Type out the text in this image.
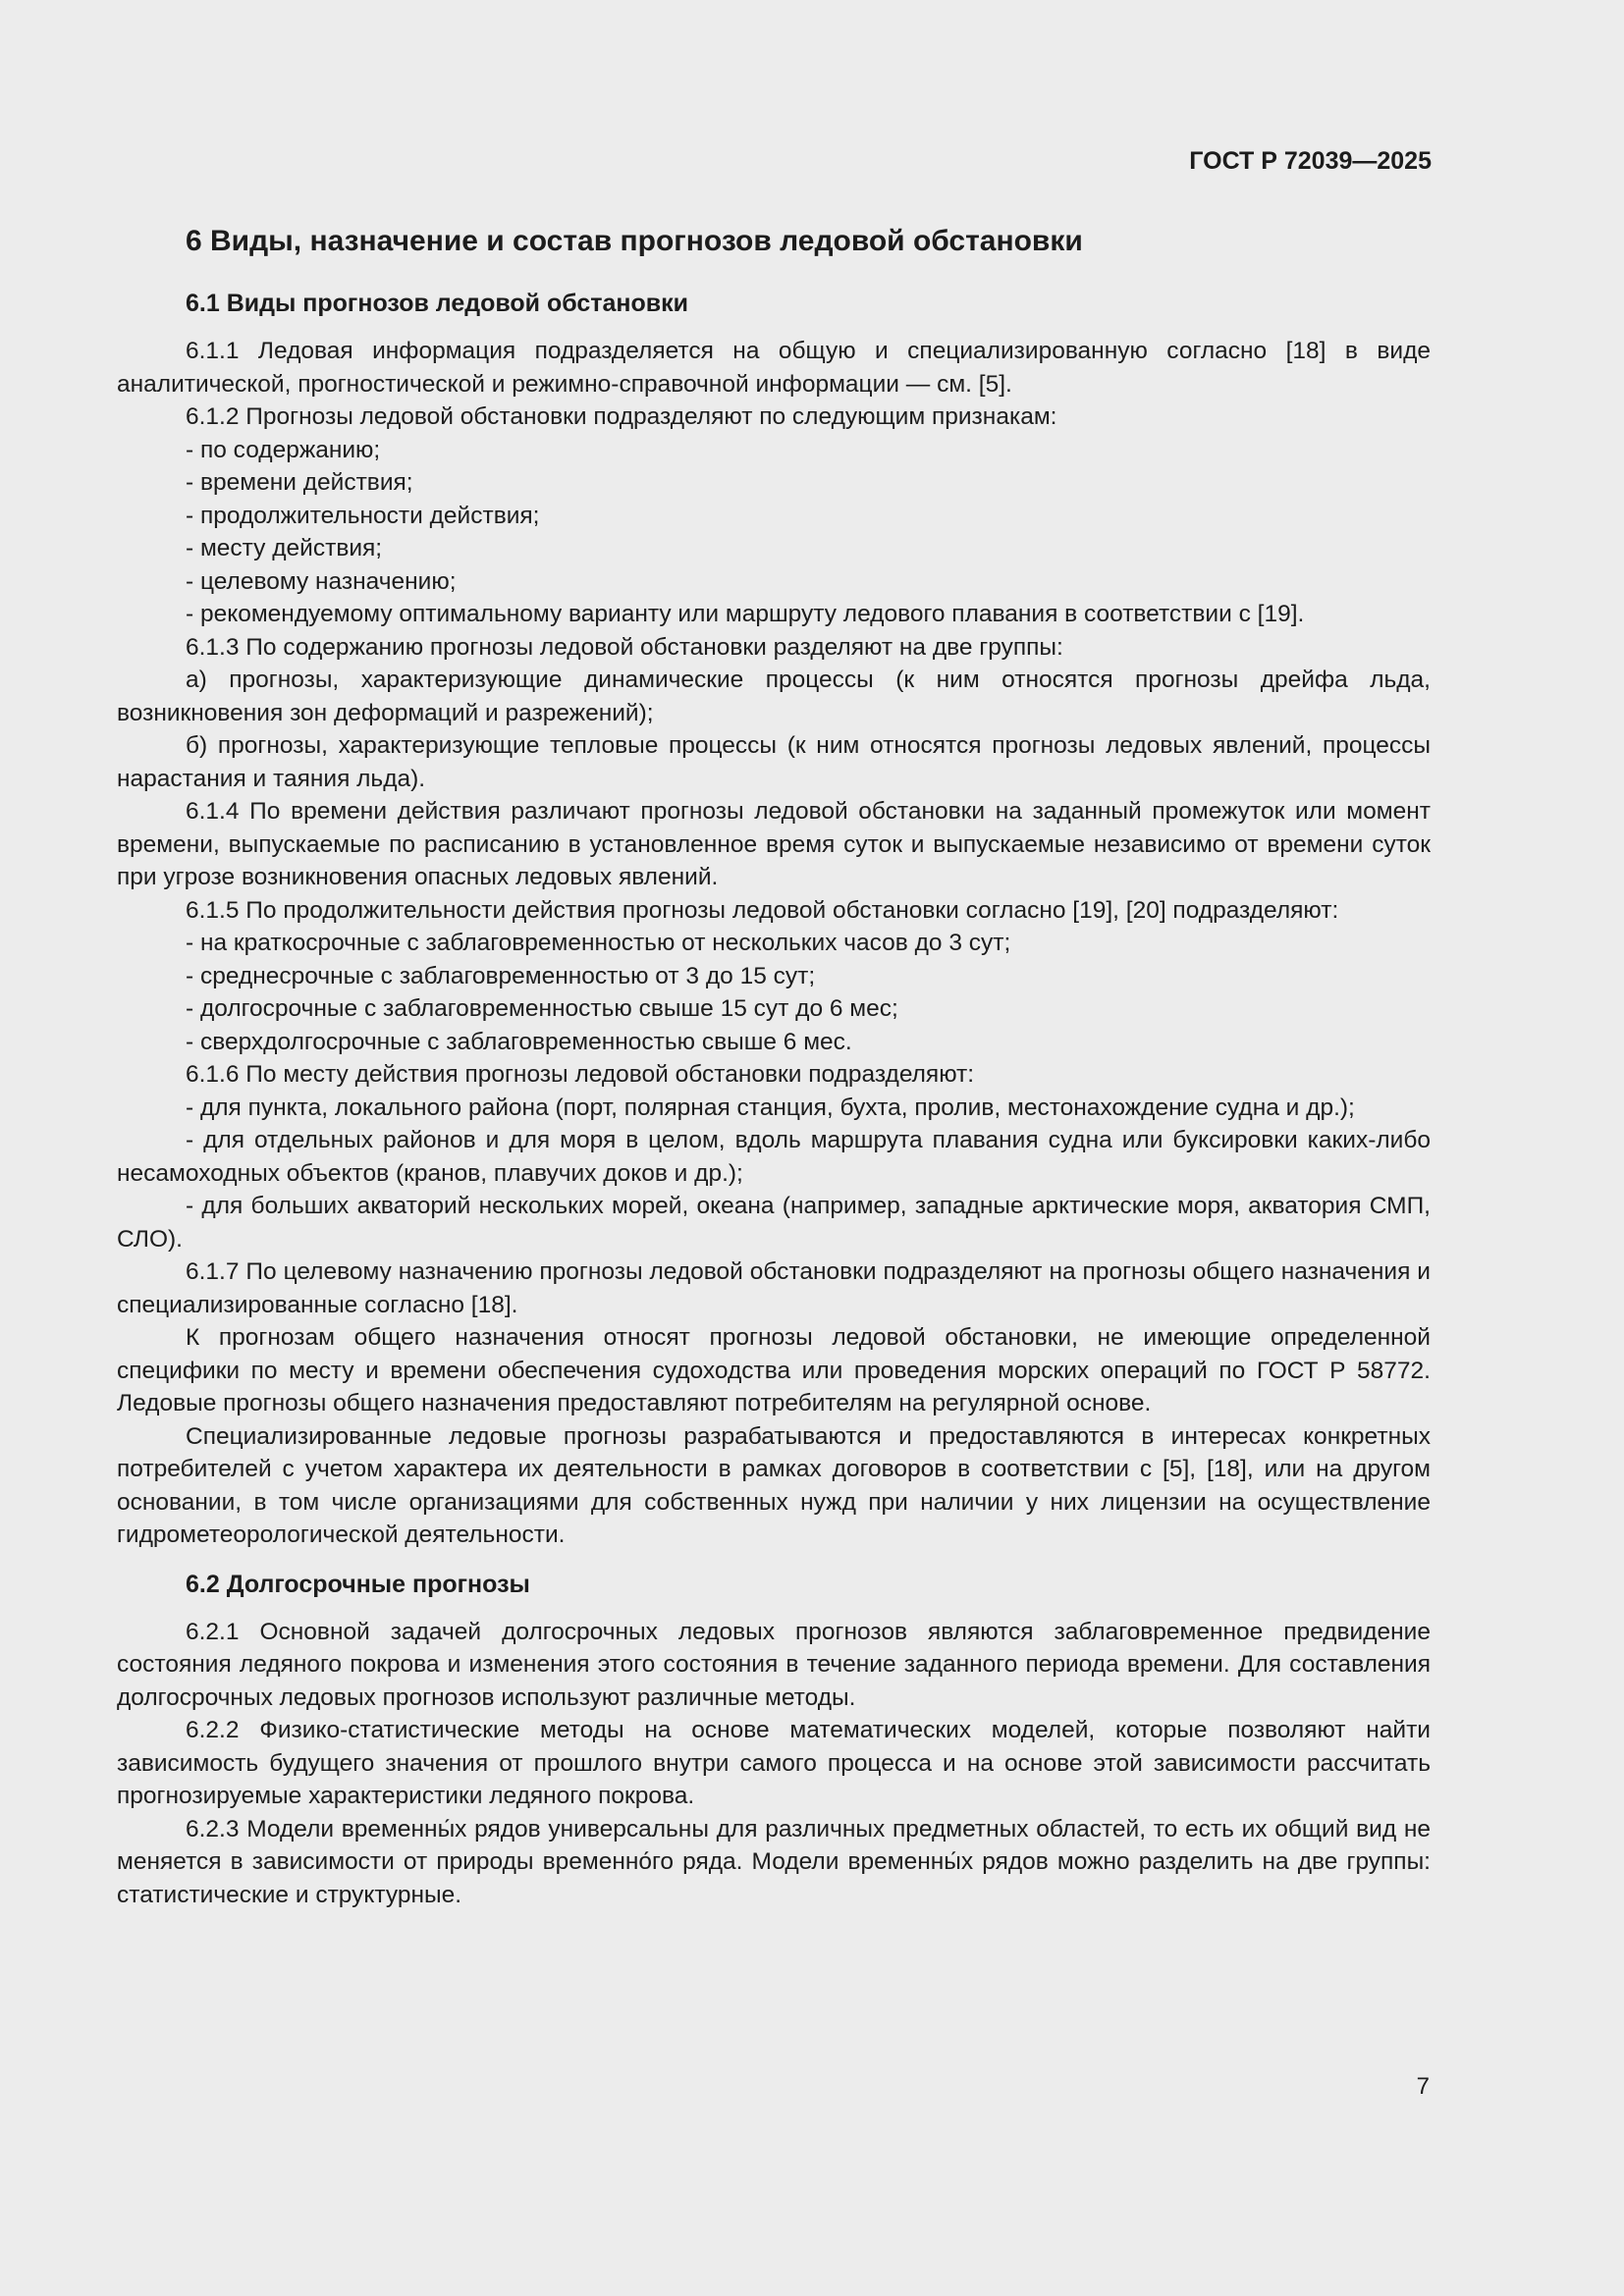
ГОСТ Р 72039—2025
6 Виды, назначение и состав прогнозов ледовой обстановки
6.1 Виды прогнозов ледовой обстановки

6.1.1 Ледовая информация подразделяется на общую и специализированную согласно [18] в виде аналитической, прогностической и режимно-справочной информации — см. [5].

6.1.2 Прогнозы ледовой обстановки подразделяют по следующим признакам:

- по содержанию;

- времени действия;

- продолжительности действия;

- месту действия;

- целевому назначению;

- рекомендуемому оптимальному варианту или маршруту ледового плавания в соответствии с [19].

6.1.3 По содержанию прогнозы ледовой обстановки разделяют на две группы:

а) прогнозы, характеризующие динамические процессы (к ним относятся прогнозы дрейфа льда, возникновения зон деформаций и разрежений);

б) прогнозы, характеризующие тепловые процессы (к ним относятся прогнозы ледовых явлений, процессы нарастания и таяния льда).

6.1.4 По времени действия различают прогнозы ледовой обстановки на заданный промежуток или момент времени, выпускаемые по расписанию в установленное время суток и выпускаемые независимо от времени суток при угрозе возникновения опасных ледовых явлений.

6.1.5 По продолжительности действия прогнозы ледовой обстановки согласно [19], [20] подразделяют:

- на краткосрочные с заблаговременностью от нескольких часов до 3 сут;

- среднесрочные с заблаговременностью от 3 до 15 сут;

- долгосрочные с заблаговременностью свыше 15 сут до 6 мес;

- сверхдолгосрочные с заблаговременностью свыше 6 мес.

6.1.6 По месту действия прогнозы ледовой обстановки подразделяют:

- для пункта, локального района (порт, полярная станция, бухта, пролив, местонахождение судна и др.);

- для отдельных районов и для моря в целом, вдоль маршрута плавания судна или буксировки каких-либо несамоходных объектов (кранов, плавучих доков и др.);

- для больших акваторий нескольких морей, океана (например, западные арктические моря, акватория СМП, СЛО).

6.1.7 По целевому назначению прогнозы ледовой обстановки подразделяют на прогнозы общего назначения и специализированные согласно [18].

К прогнозам общего назначения относят прогнозы ледовой обстановки, не имеющие определенной специфики по месту и времени обеспечения судоходства или проведения морских операций по ГОСТ Р 58772. Ледовые прогнозы общего назначения предоставляют потребителям на регулярной основе.

Специализированные ледовые прогнозы разрабатываются и предоставляются в интересах конкретных потребителей с учетом характера их деятельности в рамках договоров в соответствии с [5], [18], или на другом основании, в том числе организациями для собственных нужд при наличии у них лицензии на осуществление гидрометеорологической деятельности.

6.2 Долгосрочные прогнозы

6.2.1 Основной задачей долгосрочных ледовых прогнозов являются заблаговременное предвидение состояния ледяного покрова и изменения этого состояния в течение заданного периода времени. Для составления долгосрочных ледовых прогнозов используют различные методы.

6.2.2 Физико-статистические методы на основе математических моделей, которые позволяют найти зависимость будущего значения от прошлого внутри самого процесса и на основе этой зависимости рассчитать прогнозируемые характеристики ледяного покрова.

6.2.3 Модели временны́х рядов универсальны для различных предметных областей, то есть их общий вид не меняется в зависимости от природы временно́го ряда. Модели временны́х рядов можно разделить на две группы: статистические и структурные.

7
